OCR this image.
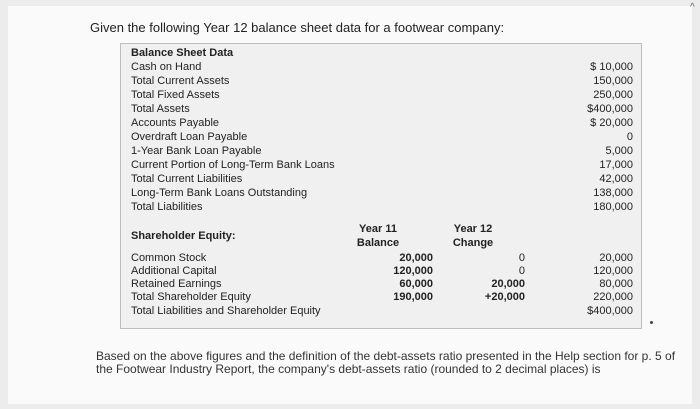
^
Given the following Year 12 balance sheet data for a footwear company:
Balance Sheet Data
Cash on Hand	$ 10,000
Total Current Assets	150,000
Total Fixed Assets	250,000
Total Assets	$400,000
Accounts Payable	$ 20,000
Overdraft Loan Payable	0
1-Year Bank Loan Payable	5,000
Current Portion of Long-Term Bank Loans	17,000
Total Current Liabilities	42,000
Long-Term Bank Loans Outstanding	138,000
Total Liabilities	180,000
Shareholder Equity:
Year 11
Balance
Year 12
Change
Common Stock	20,000	0	20,000
Additional Capital	120,000	0	120,000
Retained Earnings	60,000	20,000	80,000
Total Shareholder Equity	190,000	+20,000	220,000
Total Liabilities and Shareholder Equity	$400,000
Based on the above figures and the definition of the debt-assets ratio presented in the Help section for p. 5 of the Footwear Industry Report, the company's debt-assets ratio (rounded to 2 decimal places) is
